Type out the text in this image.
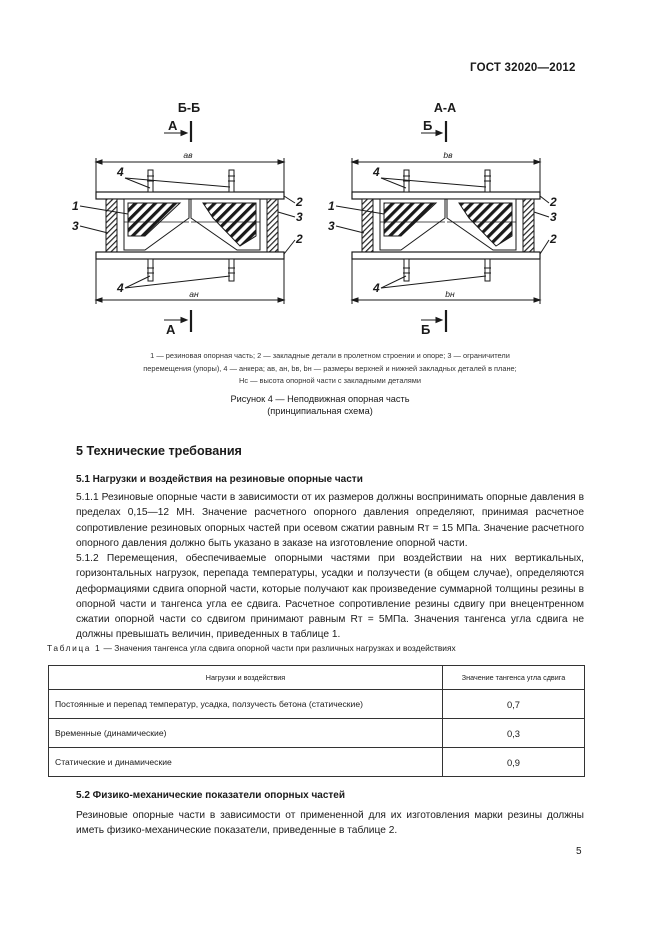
ГОСТ 32020—2012
Б-Б
А
aв
aн
А
4
1
3
2
3
2
4
А-А
Б
bв
bн
Б
4
1
3
2
3
2
4

1 — резиновая опорная часть; 2 — закладные детали в пролетном строении и опоре; 3 — ограничители

перемещения (упоры), 4 — анкера; aв, aн, bв, bн — размеры верхней и нижней закладных деталей в плане;

Hс — высота опорной части с закладными деталями

Рисунок 4 — Неподвижная опорная часть

(принципиальная схема)

5 Технические требования
5.1 Нагрузки и воздействия на резиновые опорные части

5.1.1 Резиновые опорные части в зависимости от их размеров должны воспринимать опорные давления в пределах 0,15—12 МН. Значение расчетного опорного давления определяют, принимая расчетное сопротивление резиновых опорных частей при осевом сжатии равным Rт = 15 МПа. Значение расчетного опорного давления должно быть указано в заказе на изготовление опорной части.

5.1.2 Перемещения, обеспечиваемые опорными частями при воздействии на них вертикальных, горизонтальных нагрузок, перепада температуры, усадки и ползучести (в общем случае), определяются деформациями сдвига опорной части, которые получают как произведение суммарной толщины резины в опорной части и тангенса угла ее сдвига. Расчетное сопротивление резины сдвигу при внецентренном сжатии опорной части со сдвигом принимают равным Rт = 5МПа. Значения тангенса угла сдвига не должны превышать величин, приведенных в таблице 1.

Таблица 1 — Значения тангенса угла сдвига опорной части при различных нагрузках и воздействиях
Нагрузки и воздействия	Значение тангенса угла сдвига
Постоянные и перепад температур, усадка, ползучесть бетона (статические)	0,7
Временные (динамические)	0,3
Статические и динамические	0,9
5.2 Физико-механические показатели опорных частей

Резиновые опорные части в зависимости от примененной для их изготовления марки резины должны иметь физико-механические показатели, приведенные в таблице 2.

5
